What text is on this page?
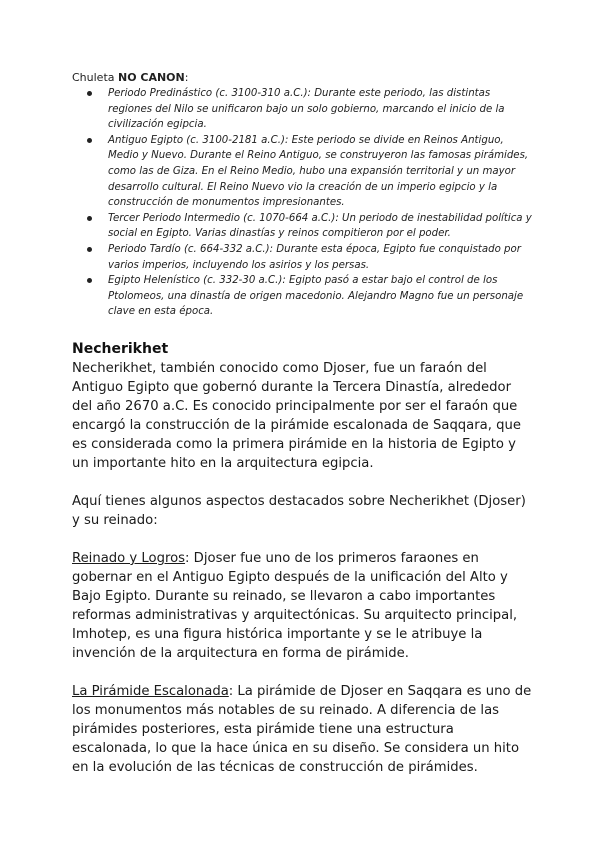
Chuleta NO CANON:

Periodo Predinástico (c. 3100-310 a.C.): Durante este periodo, las distintas regiones del Nilo se unificaron bajo un solo gobierno, marcando el inicio de la civilización egipcia.
Antiguo Egipto (c. 3100-2181 a.C.): Este periodo se divide en Reinos Antiguo, Medio y Nuevo. Durante el Reino Antiguo, se construyeron las famosas pirámides, como las de Giza. En el Reino Medio, hubo una expansión territorial y un mayor desarrollo cultural. El Reino Nuevo vio la creación de un imperio egipcio y la construcción de monumentos impresionantes.
Tercer Periodo Intermedio (c. 1070-664 a.C.): Un periodo de inestabilidad política y social en Egipto. Varias dinastías y reinos compitieron por el poder.
Periodo Tardío (c. 664-332 a.C.): Durante esta época, Egipto fue conquistado por varios imperios, incluyendo los asirios y los persas.
Egipto Helenístico (c. 332-30 a.C.): Egipto pasó a estar bajo el control de los Ptolomeos, una dinastía de origen macedonio. Alejandro Magno fue un personaje clave en esta época.
Necherikhet

Necherikhet, también conocido como Djoser, fue un faraón del Antiguo Egipto que gobernó durante la Tercera Dinastía, alrededor del año 2670 a.C. Es conocido principalmente por ser el faraón que encargó la construcción de la pirámide escalonada de Saqqara, que es considerada como la primera pirámide en la historia de Egipto y un importante hito en la arquitectura egipcia.

Aquí tienes algunos aspectos destacados sobre Necherikhet (Djoser) y su reinado:

Reinado y Logros: Djoser fue uno de los primeros faraones en gobernar en el Antiguo Egipto después de la unificación del Alto y Bajo Egipto. Durante su reinado, se llevaron a cabo importantes reformas administrativas y arquitectónicas. Su arquitecto principal, Imhotep, es una figura histórica importante y se le atribuye la invención de la arquitectura en forma de pirámide.

La Pirámide Escalonada: La pirámide de Djoser en Saqqara es uno de los monumentos más notables de su reinado. A diferencia de las pirámides posteriores, esta pirámide tiene una estructura escalonada, lo que la hace única en su diseño. Se considera un hito en la evolución de las técnicas de construcción de pirámides.
